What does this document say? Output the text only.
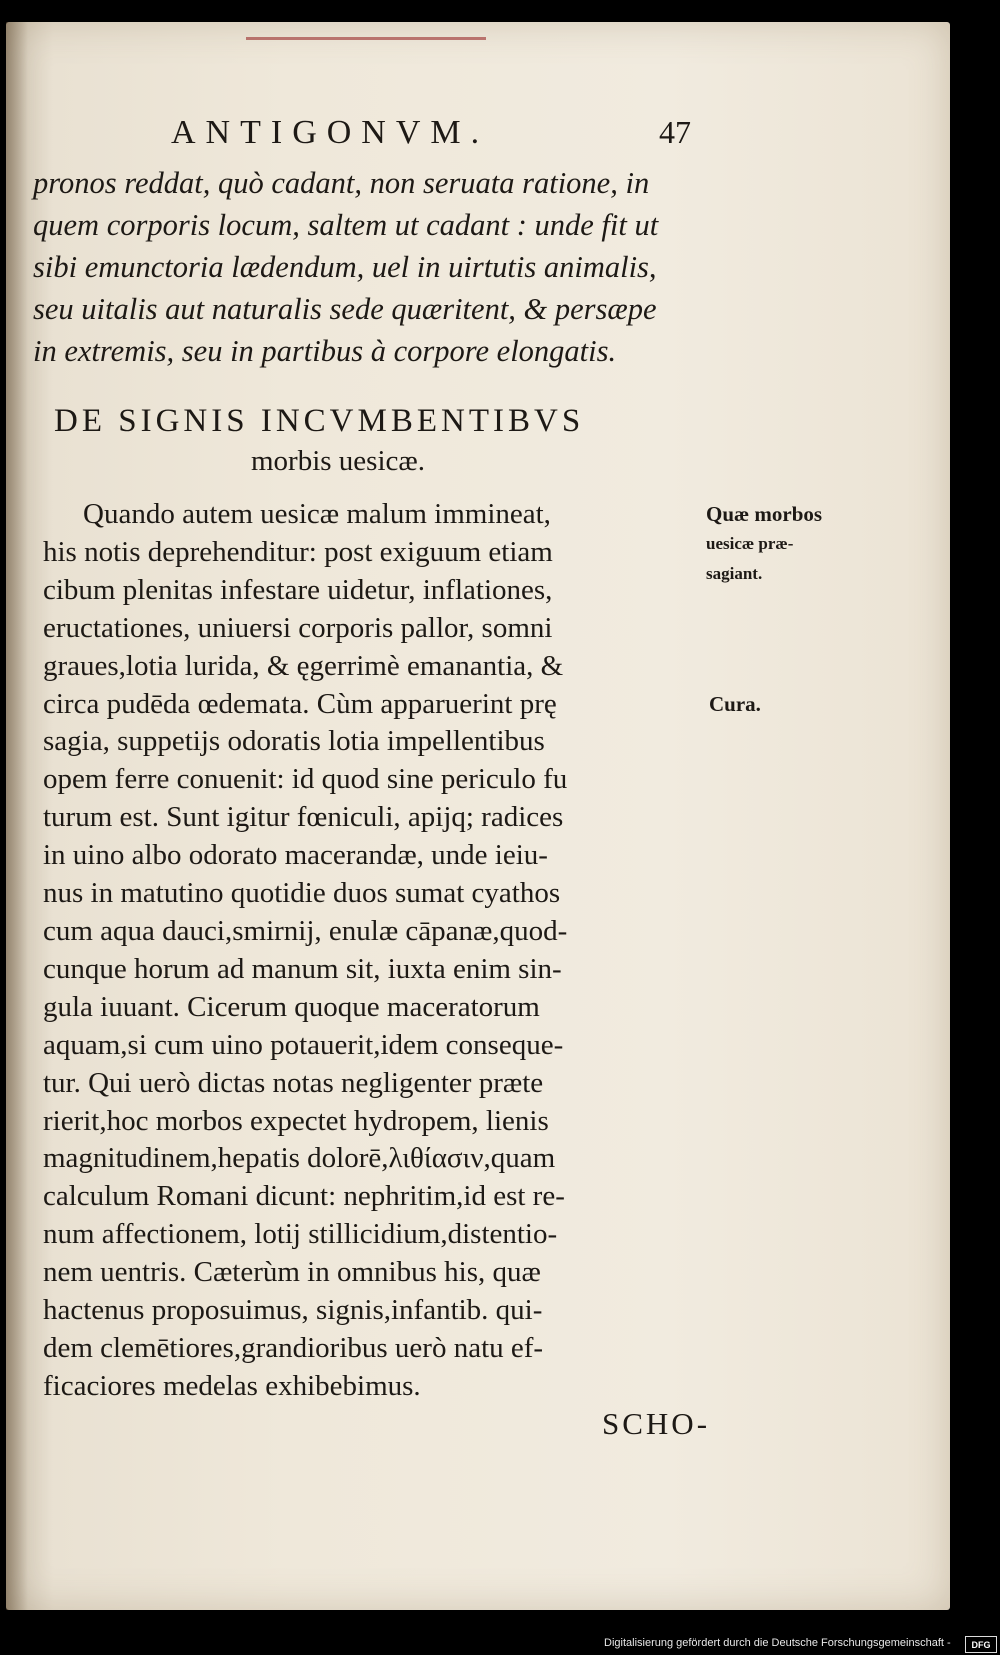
ANTIGONVM.	47
pronos reddat, quò cadant, non seruata ratione, in
quem corporis locum, saltem ut cadant : unde fit ut
sibi emunctoria lædendum, uel in uirtutis animalis,
seu uitalis aut naturalis sede quæritent, & persæpe
in extremis, seu in partibus à corpore elongatis.
DE SIGNIS INCVMBENTIBVS
morbis uesicæ.
Quando autem uesicæ malum immineat,
his notis deprehenditur: post exiguum etiam
cibum plenitas infestare uidetur, inflationes,
eructationes, uniuersi corporis pallor, somni
graues,lotia lurida, & ęgerrimè emanantia, &
circa pudēda œdemata. Cùm apparuerint prę
sagia, suppetijs odoratis lotia impellentibus
opem ferre conuenit: id quod sine periculo fu
turum est. Sunt igitur fœniculi, apijq; radices
in uino albo odorato macerandæ, unde ieiu-
nus in matutino quotidie duos sumat cyathos
cum aqua dauci,smirnij, enulæ cāpanæ,quod-
cunque horum ad manum sit, iuxta enim sin-
gula iuuant. Cicerum quoque maceratorum
aquam,si cum uino potauerit,idem conseque-
tur. Qui uerò dictas notas negligenter præte
rierit,hoc morbos expectet hydropem, lienis
magnitudinem,hepatis dolorē,λιθίασιν,quam
calculum Romani dicunt: nephritim,id est re-
num affectionem, lotij stillicidium,distentio-
nem uentris. Cæterùm in omnibus his, quæ
hactenus proposuimus, signis,infantib. qui-
dem clemētiores,grandioribus uerò natu ef-
ficaciores medelas exhibebimus.
Quæ morbos
uesicæ præ-
sagiant.
Cura.
SCHO-
Digitalisierung gefördert durch die Deutsche Forschungsgemeinschaft -	DFG
